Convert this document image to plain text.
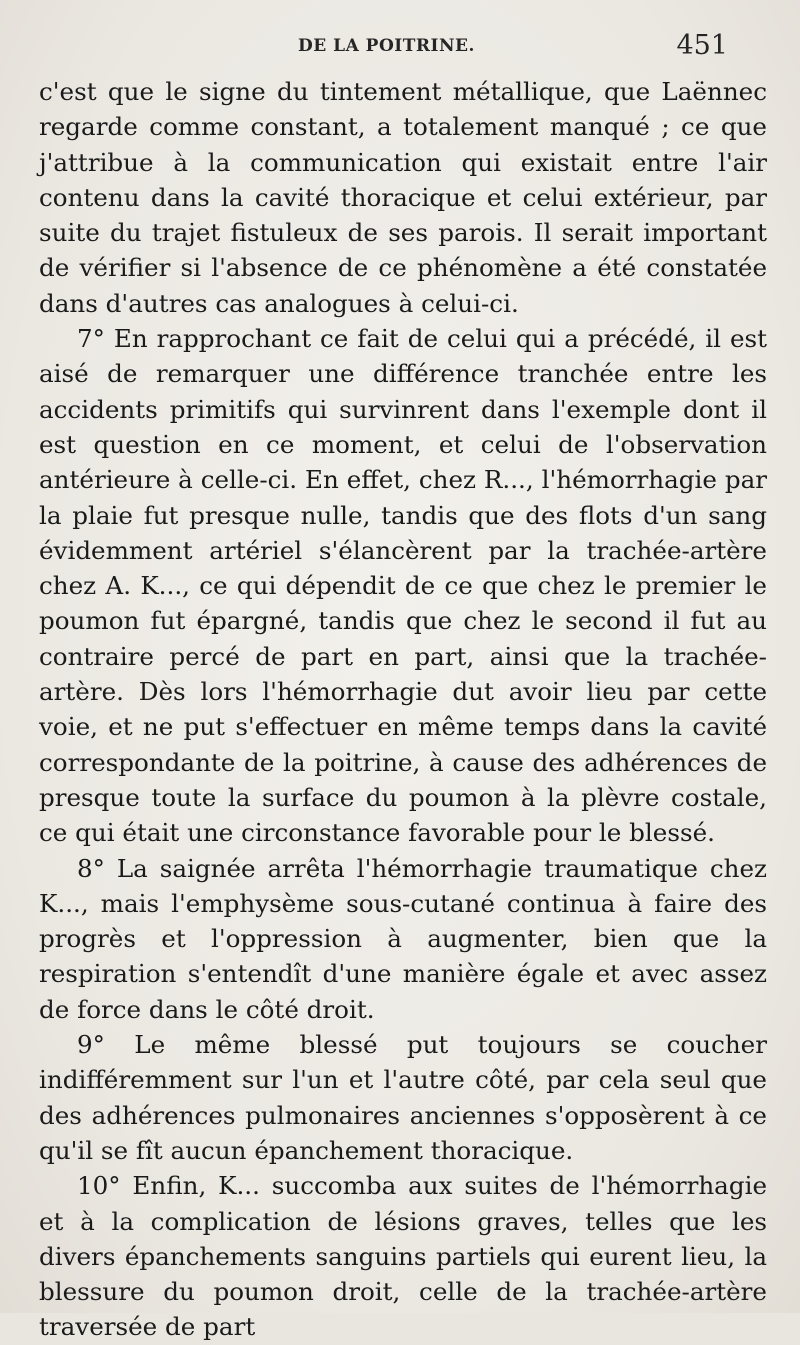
DE LA POITRINE.	451

c'est que le signe du tintement métallique, que Laënnec regarde comme constant, a totalement manqué ; ce que j'attribue à la communication qui existait entre l'air contenu dans la cavité thoracique et celui extérieur, par suite du trajet fistuleux de ses parois. Il serait important de vérifier si l'absence de ce phénomène a été constatée dans d'autres cas analogues à celui-ci.

7° En rapprochant ce fait de celui qui a précédé, il est aisé de remarquer une différence tranchée entre les accidents primitifs qui survinrent dans l'exemple dont il est question en ce moment, et celui de l'observation antérieure à celle-ci. En effet, chez R..., l'hémorrhagie par la plaie fut presque nulle, tandis que des flots d'un sang évidemment artériel s'élancèrent par la trachée-artère chez A. K..., ce qui dépendit de ce que chez le premier le poumon fut épargné, tandis que chez le second il fut au contraire percé de part en part, ainsi que la trachée-artère. Dès lors l'hémorrhagie dut avoir lieu par cette voie, et ne put s'effectuer en même temps dans la cavité correspondante de la poitrine, à cause des adhérences de presque toute la surface du poumon à la plèvre costale, ce qui était une circonstance favorable pour le blessé.

8° La saignée arrêta l'hémorrhagie traumatique chez K..., mais l'emphysème sous-cutané continua à faire des progrès et l'oppression à augmenter, bien que la respiration s'entendît d'une manière égale et avec assez de force dans le côté droit.

9° Le même blessé put toujours se coucher indifféremment sur l'un et l'autre côté, par cela seul que des adhérences pulmonaires anciennes s'opposèrent à ce qu'il se fît aucun épanchement thoracique.

10° Enfin, K... succomba aux suites de l'hémorrhagie et à la complication de lésions graves, telles que les divers épanchements sanguins partiels qui eurent lieu, la blessure du poumon droit, celle de la trachée-artère traversée de part
